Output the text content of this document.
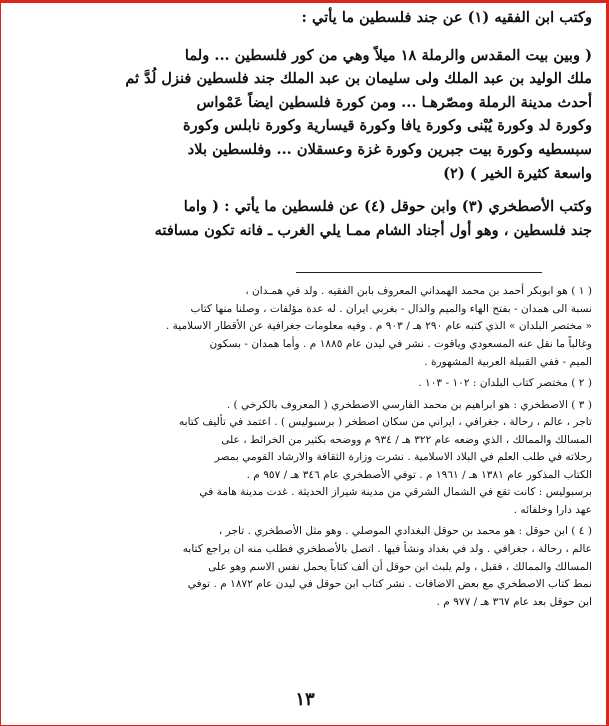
وكتب ابن الفقيه (١) عن جند فلسطين ما يأتي :
( وبين بيت المقدس والرملة ١٨ ميلاً وهي من كور فلسطين ... ولما
ملك الوليد بن عبد الملك ولى سليمان بن عبد الملك جند فلسطين فنزل لُدَّ ثم
أحدث مدينة الرملة ومصّرهـا ... ومن كورة فلسطين ايضاً عَمْواس
وكورة لد وكورة يُبْنى وكورة يافا وكورة قيسارية وكورة نابلس وكورة
سبسطيه وكورة بيت جبرين وكورة غزة وعسقلان ... وفلسطين بلاد
واسعة كثيرة الخير ) (٢)
وكتب الأصطخري (٣) وابن حوقل (٤) عن فلسطين ما يأتي : ( واما
جند فلسطين ، وهو أول أجناد الشام ممـا يلي الغرب ـ فانه تكون مسافته
( ١ ) هو ابوبكر أحمد بن محمد الهمداني المعروف بابن الفقيه . ولد في همـدان ،
نسبة الى همدان - بفتح الهاء والميم والدال - بغربي ايران . له عدة مؤلفات ، وصلنا منها كتاب
« مختصر البلدان » الذي كتبه عام ٢٩٠ هـ / ٩٠٣ م . وفيه معلومات جغرافية عن الأقطار الاسلامية .
وغالباً ما نقل عنه المسعودي وياقوت . نشر في ليدن عام ١٨٨٥ م . وأما همدان - بسكون
الميم - ففي القبيلة العربية المشهورة .
( ٢ ) مختصر كتاب البلدان : ١٠٢ - ١٠٣ .
( ٣ ) الاصطخري : هو ابراهيم بن محمد الفارسي الاصطخري ( المعروف بالكرخي ) .
تاجر ، عالم ، رحالة ، جغرافي ، ايراني من سكان اصطخر ( برسبوليس ) . اعتمد في تأليف كتابه
المسالك والممالك ، الذي وضعه عام ٣٢٢ هـ / ٩٣٤ م ووضحه بكثير من الخرائط ، على
رحلاته في طلب العلم في البلاد الاسلامية . نشرت وزارة الثقافة والارشاد القومي بمصر
الكتاب المذكور عام ١٣٨١ هـ / ١٩٦١ م . توفي الأصطخري عام ٣٤٦ هـ / ٩٥٧ م .
برسبوليس : كانت تقع في الشمال الشرقي من مدينة شيراز الحديثة . غدت مدينة هامة في
عهد دارا وخلفائه .
( ٤ ) ابن حوقل : هو محمد بن حوقل البغدادي الموصلي . وهو مثل الأصطخري . تاجر ،
عالم ، رحالة ، جغرافي . ولد في بغداد ونشأ فيها . اتصل بالأصطخري فطلب منه ان يراجع كتابه
المسالك والممالك ، فقبل ، ولم يلبث ابن حوقل أن ألف كتاباً يحمل نفس الاسم وهو على
نمط كتاب الاصطخري مع بعض الاضافات . نشر كتاب ابن حوقل في ليدن عام ١٨٧٢ م . توفي
ابن حوقل بعد عام ٣٦٧ هـ / ٩٧٧ م .
١٣
